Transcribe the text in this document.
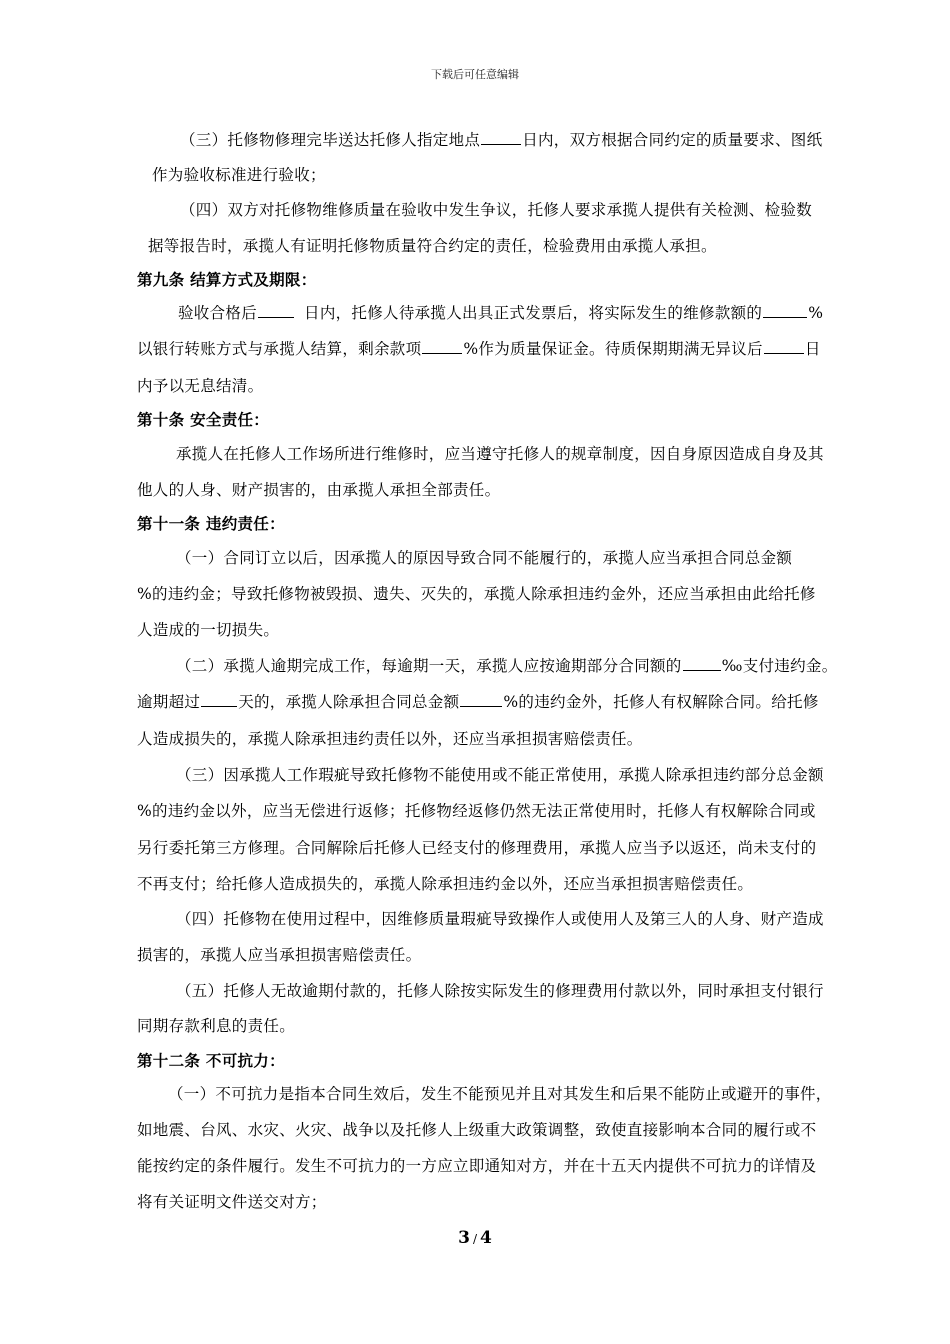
下载后可任意编辑
（三）托修物修理完毕送达托修人指定地点	日内，双方根据合同约定的质量要求、图纸
作为验收标准进行验收；
（四）双方对托修物维修质量在验收中发生争议，托修人要求承揽人提供有关检测、检验数
据等报告时，承揽人有证明托修物质量符合约定的责任，检验费用由承揽人承担。
第九条 结算方式及期限：
验收合格后	日内，托修人待承揽人出具正式发票后，将实际发生的维修款额的	%
以银行转账方式与承揽人结算，剩余款项	%作为质量保证金。待质保期期满无异议后	日
内予以无息结清。
第十条 安全责任：
承揽人在托修人工作场所进行维修时，应当遵守托修人的规章制度，因自身原因造成自身及其
他人的人身、财产损害的，由承揽人承担全部责任。
第十一条 违约责任：
（一）合同订立以后，因承揽人的原因导致合同不能履行的，承揽人应当承担合同总金额
%的违约金；导致托修物被毁损、遗失、灭失的，承揽人除承担违约金外，还应当承担由此给托修
人造成的一切损失。
（二）承揽人逾期完成工作，每逾期一天，承揽人应按逾期部分合同额的	‰支付违约金。
逾期超过 天的，承揽人除承担合同总金额	%的违约金外，托修人有权解除合同。给托修
人造成损失的，承揽人除承担违约责任以外，还应当承担损害赔偿责任。
（三）因承揽人工作瑕疵导致托修物不能使用或不能正常使用，承揽人除承担违约部分总金额
%的违约金以外，应当无偿进行返修；托修物经返修仍然无法正常使用时，托修人有权解除合同或
另行委托第三方修理。合同解除后托修人已经支付的修理费用，承揽人应当予以返还，尚未支付的
不再支付；给托修人造成损失的，承揽人除承担违约金以外，还应当承担损害赔偿责任。
（四）托修物在使用过程中，因维修质量瑕疵导致操作人或使用人及第三人的人身、财产造成
损害的，承揽人应当承担损害赔偿责任。
（五）托修人无故逾期付款的，托修人除按实际发生的修理费用付款以外，同时承担支付银行
同期存款利息的责任。
第十二条 不可抗力：
（一）不可抗力是指本合同生效后，发生不能预见并且对其发生和后果不能防止或避开的事件，
如地震、台风、水灾、火灾、战争以及托修人上级重大政策调整，致使直接影响本合同的履行或不
能按约定的条件履行。发生不可抗力的一方应立即通知对方，并在十五天内提供不可抗力的详情及
将有关证明文件送交对方；
3 / 4
